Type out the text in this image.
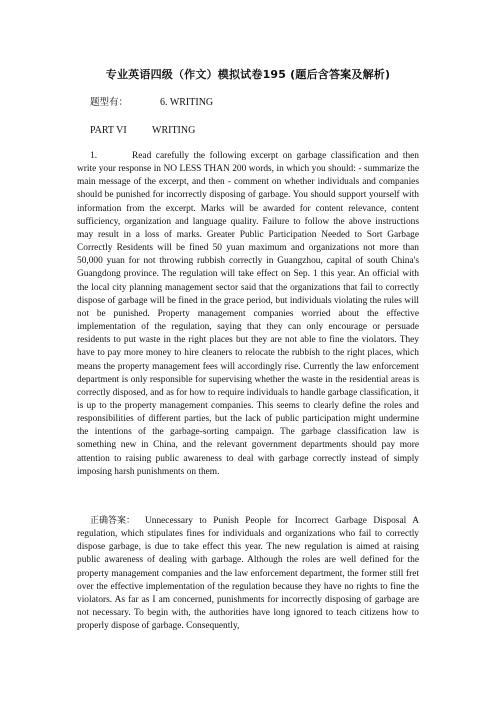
专业英语四级（作文）模拟试卷195 (题后含答案及解析)
题型有：	6. WRITING
PART VI	WRITING
1.	Read carefully the following excerpt on garbage classification and then write your response in NO LESS THAN 200 words, in which you should: - summarize the main message of the excerpt, and then - comment on whether individuals and companies should be punished for incorrectly disposing of garbage. You should support yourself with information from the excerpt. Marks will be awarded for content relevance, content sufficiency, organization and language quality. Failure to follow the above instructions may result in a loss of marks. Greater Public Participation Needed to Sort Garbage Correctly Residents will be fined 50 yuan maximum and organizations not more than 50,000 yuan for not throwing rubbish correctly in Guangzhou, capital of south China's Guangdong province. The regulation will take effect on Sep. 1 this year. An official with the local city planning management sector said that the organizations that fail to correctly dispose of garbage will be fined in the grace period, but individuals violating the rules will not be punished. Property management companies worried about the effective implementation of the regulation, saying that they can only encourage or persuade residents to put waste in the right places but they are not able to fine the violators. They have to pay more money to hire cleaners to relocate the rubbish to the right places, which means the property management fees will accordingly rise. Currently the law enforcement department is only responsible for supervising whether the waste in the residential areas is correctly disposed, and as for how to require individuals to handle garbage classification, it is up to the property management companies. This seems to clearly define the roles and responsibilities of different parties, but the lack of public participation might undermine the intentions of the garbage-sorting campaign. The garbage classification law is something new in China, and the relevant government departments should pay more attention to raising public awareness to deal with garbage correctly instead of simply imposing harsh punishments on them.
正确答案： Unnecessary to Punish People for Incorrect Garbage Disposal A regulation, which stipulates fines for individuals and organizations who fail to correctly dispose garbage, is due to take effect this year. The new regulation is aimed at raising public awareness of dealing with garbage. Although the roles are well defined for the property management companies and the law enforcement department, the former still fret over the effective implementation of the regulation because they have no rights to fine the violators. As far as I am concerned, punishments for incorrectly disposing of garbage are not necessary. To begin with, the authorities have long ignored to teach citizens how to properly dispose of garbage. Consequently,
